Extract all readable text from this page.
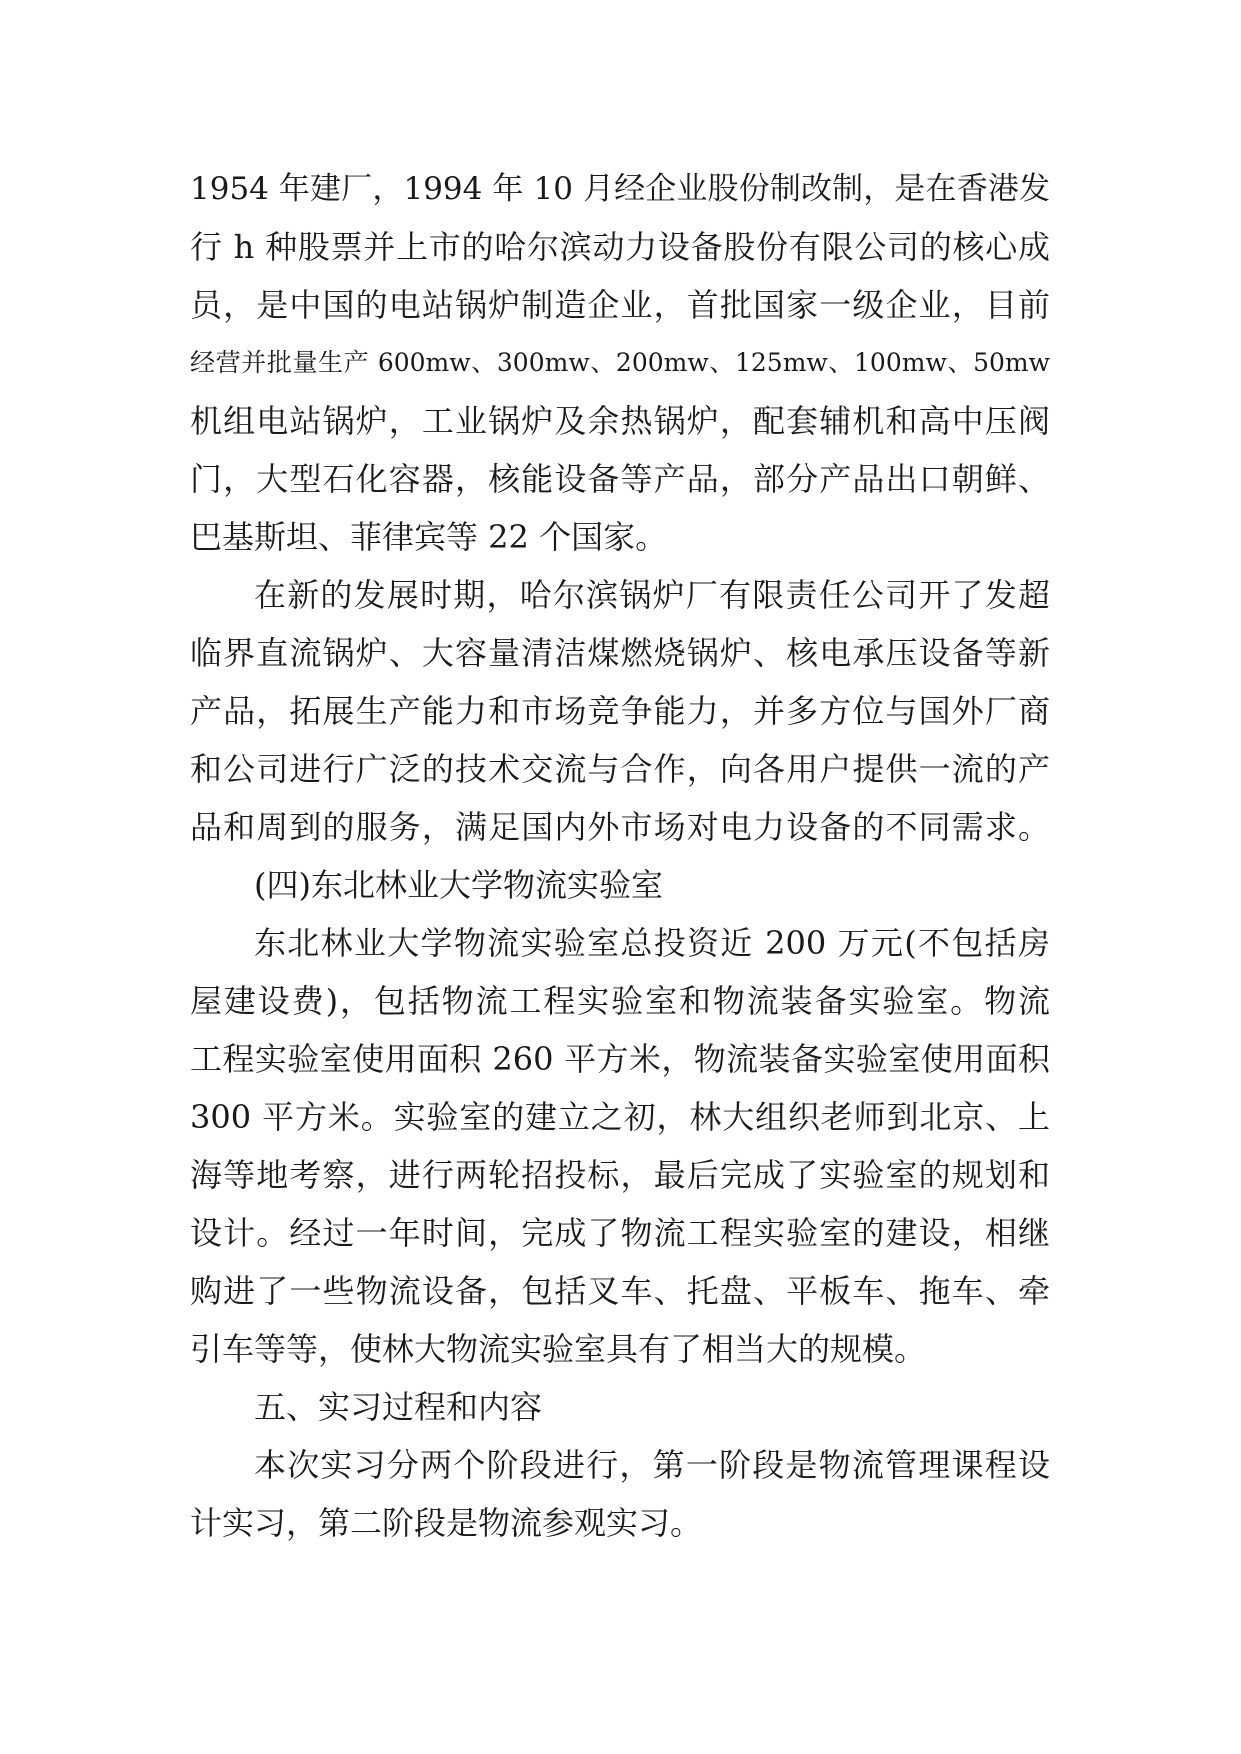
1954 年建厂，1994 年 10 月经企业股份制改制，是在香港发
行 h 种股票并上市的哈尔滨动力设备股份有限公司的核心成
员，是中国的电站锅炉制造企业，首批国家一级企业，目前
经营并批量生产 600mw、300mw、200mw、125mw、100mw、50mw
机组电站锅炉，工业锅炉及余热锅炉，配套辅机和高中压阀
门，大型石化容器，核能设备等产品，部分产品出口朝鲜、
巴基斯坦、菲律宾等 22 个国家。
在新的发展时期，哈尔滨锅炉厂有限责任公司开了发超
临界直流锅炉、大容量清洁煤燃烧锅炉、核电承压设备等新
产品，拓展生产能力和市场竞争能力，并多方位与国外厂商
和公司进行广泛的技术交流与合作，向各用户提供一流的产
品和周到的服务，满足国内外市场对电力设备的不同需求。
(四)东北林业大学物流实验室
东北林业大学物流实验室总投资近 200 万元(不包括房
屋建设费)，包括物流工程实验室和物流装备实验室。物流
工程实验室使用面积 260 平方米，物流装备实验室使用面积
300 平方米。实验室的建立之初，林大组织老师到北京、上
海等地考察，进行两轮招投标，最后完成了实验室的规划和
设计。经过一年时间，完成了物流工程实验室的建设，相继
购进了一些物流设备，包括叉车、托盘、平板车、拖车、牵
引车等等，使林大物流实验室具有了相当大的规模。
五、实习过程和内容
本次实习分两个阶段进行，第一阶段是物流管理课程设
计实习，第二阶段是物流参观实习。
